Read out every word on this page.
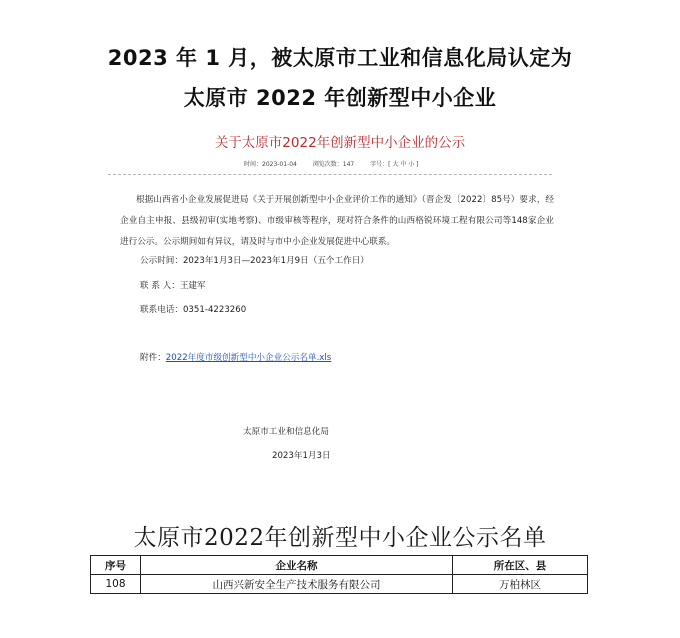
2023 年 1 月，被太原市工业和信息化局认定为
太原市 2022 年创新型中小企业
关于太原市2022年创新型中小企业的公示
时间：2023-01-04	浏览次数：147	字号：[ 大 中 小 ]
根据山西省小企业发展促进局《关于开展创新型中小企业评价工作的通知》（晋企发〔2022〕85号）要求，经企业自主申报、县级初审(实地考察)、市级审核等程序，现对符合条件的山西格锐环境工程有限公司等148家企业进行公示。公示期间如有异议，请及时与市中小企业发展促进中心联系。
公示时间：2023年1月3日—2023年1月9日（五个工作日）
联 系 人：王建军
联系电话：0351-4223260
附件：2022年度市级创新型中小企业公示名单.xls
太原市工业和信息化局
2023年1月3日
太原市2022年创新型中小企业公示名单
序号	企业名称	所在区、县
108	山西兴新安全生产技术服务有限公司	万柏林区
